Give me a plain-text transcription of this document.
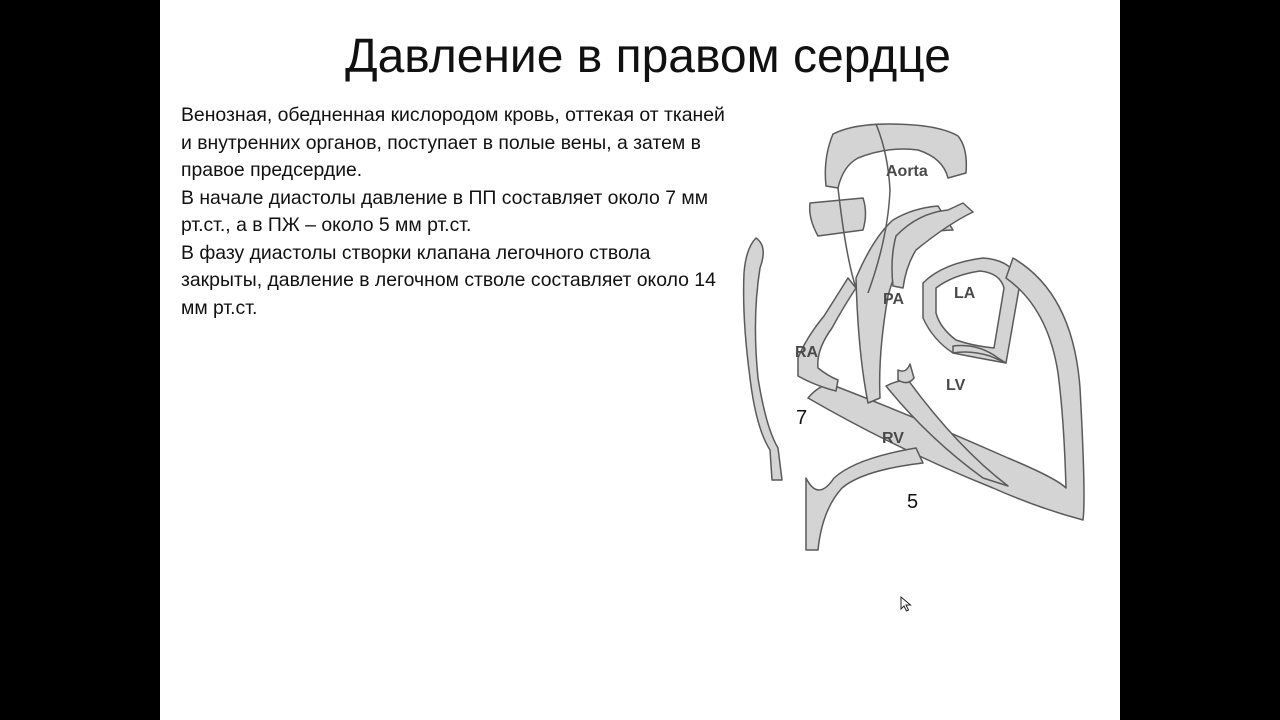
Давление в правом сердце

Венозная, обедненная кислородом кровь, оттекая от тканей и внутренних органов, поступает в полые вены, а затем в правое предсердие.

В начале диастолы давление в ПП составляет около 7 мм рт.ст., а в ПЖ – около 5 мм рт.ст.

В фазу диастолы створки клапана легочного ствола закрыты, давление в легочном стволе составляет около 14 мм рт.ст.

Aorta
PA	LA
RA
LV
RV
7
5
